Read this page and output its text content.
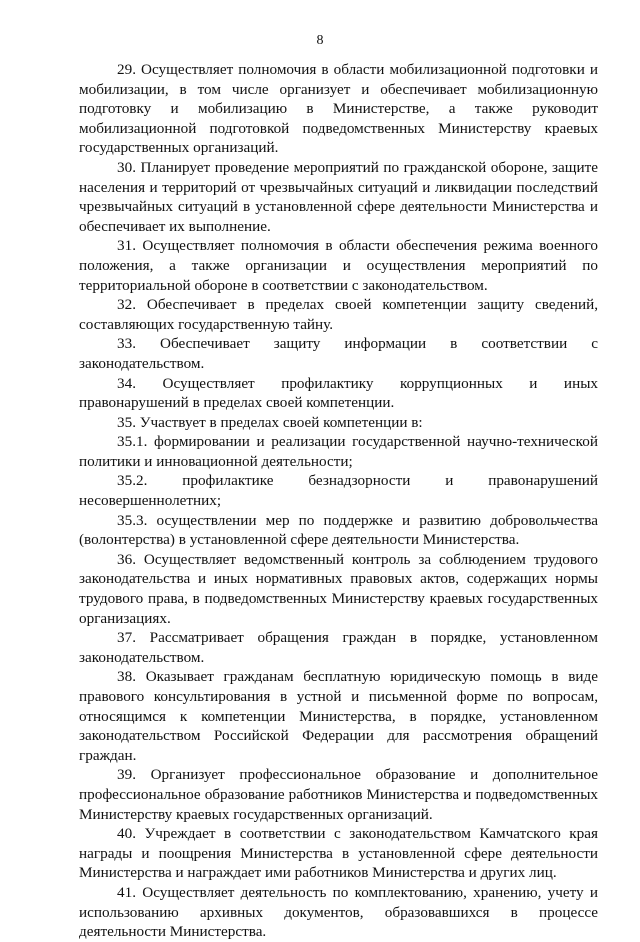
8

29. Осуществляет полномочия в области мобилизационной подготовки и мобилизации, в том числе организует и обеспечивает мобилизационную подготовку и мобилизацию в Министерстве, а также руководит мобилизационной подготовкой подведомственных Министерству краевых государственных организаций.

30. Планирует проведение мероприятий по гражданской обороне, защите населения и территорий от чрезвычайных ситуаций и ликвидации последствий чрезвычайных ситуаций в установленной сфере деятельности Министерства и обеспечивает их выполнение.

31. Осуществляет полномочия в области обеспечения режима военного положения, а также организации и осуществления мероприятий по территориальной обороне в соответствии с законодательством.

32. Обеспечивает в пределах своей компетенции защиту сведений, составляющих государственную тайну.

33. Обеспечивает защиту информации в соответствии с законодательством.

34. Осуществляет профилактику коррупционных и иных правонарушений в пределах своей компетенции.

35. Участвует в пределах своей компетенции в:

35.1. формировании и реализации государственной научно-технической политики и инновационной деятельности;

35.2. профилактике безнадзорности и правонарушений несовершеннолетних;

35.3. осуществлении мер по поддержке и развитию добровольчества (волонтерства) в установленной сфере деятельности Министерства.

36. Осуществляет ведомственный контроль за соблюдением трудового законодательства и иных нормативных правовых актов, содержащих нормы трудового права, в подведомственных Министерству краевых государственных организациях.

37. Рассматривает обращения граждан в порядке, установленном законодательством.

38. Оказывает гражданам бесплатную юридическую помощь в виде правового консультирования в устной и письменной форме по вопросам, относящимся к компетенции Министерства, в порядке, установленном законодательством Российской Федерации для рассмотрения обращений граждан.

39. Организует профессиональное образование и дополнительное профессиональное образование работников Министерства и подведомственных Министерству краевых государственных организаций.

40. Учреждает в соответствии с законодательством Камчатского края награды и поощрения Министерства в установленной сфере деятельности Министерства и награждает ими работников Министерства и других лиц.

41. Осуществляет деятельность по комплектованию, хранению, учету и использованию архивных документов, образовавшихся в процессе деятельности Министерства.
